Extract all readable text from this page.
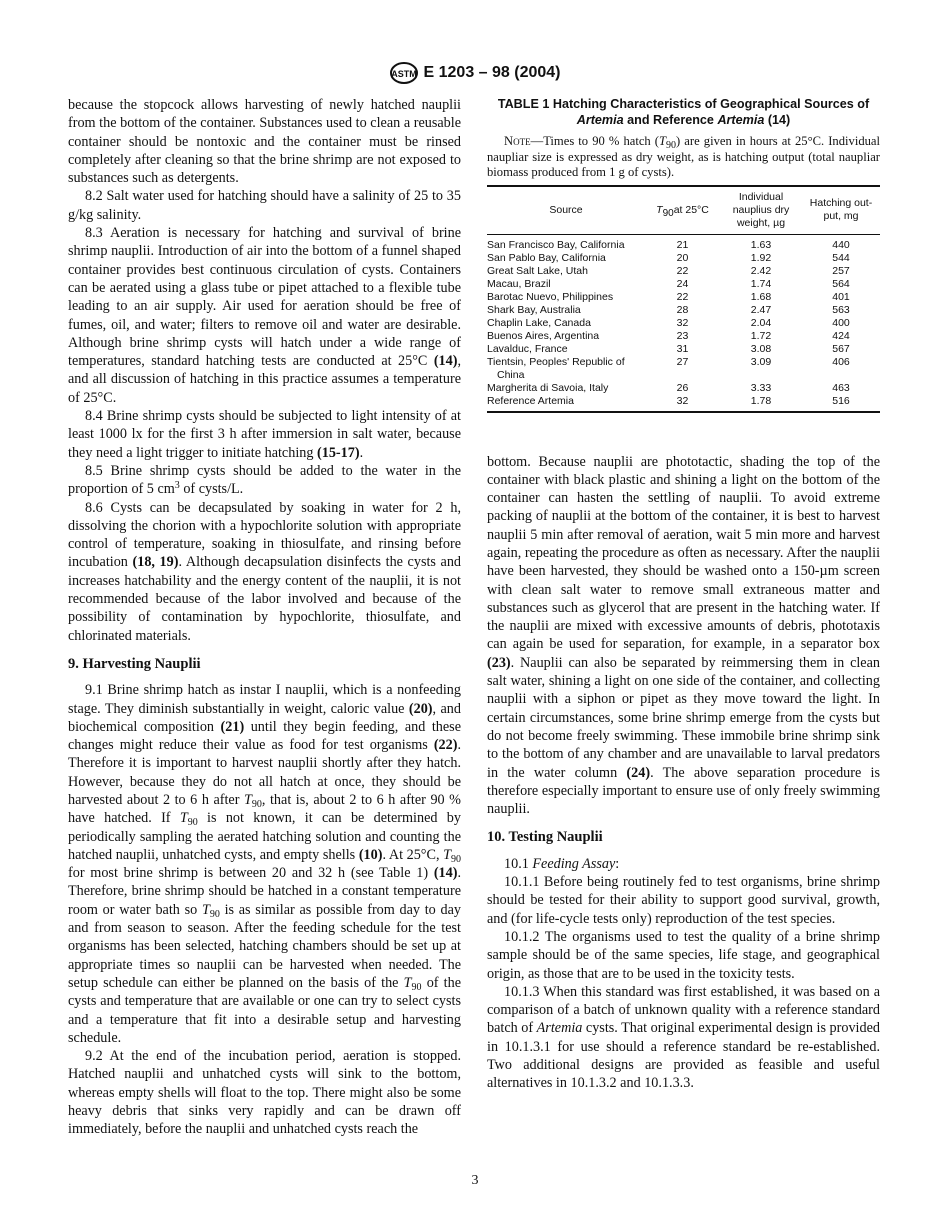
ASTM E 1203 – 98 (2004)

because the stopcock allows harvesting of newly hatched nauplii from the bottom of the container. Substances used to clean a reusable container should be nontoxic and the container must be rinsed completely after cleaning so that the brine shrimp are not exposed to substances such as detergents.

8.2 Salt water used for hatching should have a salinity of 25 to 35 g/kg salinity.

8.3 Aeration is necessary for hatching and survival of brine shrimp nauplii. Introduction of air into the bottom of a funnel shaped container provides best continuous circulation of cysts. Containers can be aerated using a glass tube or pipet attached to a flexible tube leading to an air supply. Air used for aeration should be free of fumes, oil, and water; filters to remove oil and water are desirable. Although brine shrimp cysts will hatch under a wide range of temperatures, standard hatching tests are conducted at 25°C (14), and all discussion of hatching in this practice assumes a temperature of 25°C.

8.4 Brine shrimp cysts should be subjected to light intensity of at least 1000 lx for the first 3 h after immersion in salt water, because they need a light trigger to initiate hatching (15-17).

8.5 Brine shrimp cysts should be added to the water in the proportion of 5 $cm^3$ of cysts/L.

8.6 Cysts can be decapsulated by soaking in water for 2 h, dissolving the chorion with a hypochlorite solution with appropriate control of temperature, soaking in thiosulfate, and rinsing before incubation (18, 19). Although decapsulation disinfects the cysts and increases hatchability and the energy content of the nauplii, it is not recommended because of the labor involved and because of the possibility of contamination by hypochlorite, thiosulfate, and chlorinated materials.

9. Harvesting Nauplii

9.1 Brine shrimp hatch as instar I nauplii, which is a nonfeeding stage. They diminish substantially in weight, caloric value (20), and biochemical composition (21) until they begin feeding, and these changes might reduce their value as food for test organisms (22). Therefore it is important to harvest nauplii shortly after they hatch. However, because they do not all hatch at once, they should be harvested about 2 to 6 h after $T_{90}$, that is, about 2 to 6 h after 90 % have hatched. If $T_{90}$ is not known, it can be determined by periodically sampling the aerated hatching solution and counting the hatched nauplii, unhatched cysts, and empty shells (10). At 25°C, $T_{90}$ for most brine shrimp is between 20 and 32 h (see Table 1) (14). Therefore, brine shrimp should be hatched in a constant temperature room or water bath so $T_{90}$ is as similar as possible from day to day and from season to season. After the feeding schedule for the test organisms has been selected, hatching chambers should be set up at appropriate times so nauplii can be harvested when needed. The setup schedule can either be planned on the basis of the $T_{90}$ of the cysts and temperature that are available or one can try to select cysts and a temperature that fit into a desirable setup and harvesting schedule.

9.2 At the end of the incubation period, aeration is stopped. Hatched nauplii and unhatched cysts will sink to the bottom, whereas empty shells will float to the top. There might also be some heavy debris that sinks very rapidly and can be drawn off immediately, before the nauplii and unhatched cysts reach the

TABLE 1 Hatching Characteristics of Geographical Sources of Artemia and Reference Artemia (14)

Note—Times to 90 % hatch $(T_{90})$ are given in hours at 25°C. Individual naupliar size is expressed as dry weight, as is hatching output (total naupliar biomass produced from 1 g of cysts).

Source	T90at 25°C	Individual nauplius dry weight, µg	Hatching out-put, mg

San Francisco Bay, California	21	1.63	440

San Pablo Bay, California	20	1.92	544

Great Salt Lake, Utah	22	2.42	257

Macau, Brazil	24	1.74	564

Barotac Nuevo, Philippines	22	1.68	401

Shark Bay, Australia	28	2.47	563

Chaplin Lake, Canada	32	2.04	400

Buenos Aires, Argentina	23	1.72	424

Lavalduc, France	31	3.08	567

Tientsin, Peoples' Republic of China	27	3.09	406

Margherita di Savoia, Italy	26	3.33	463

Reference Artemia	32	1.78	516

bottom. Because nauplii are phototactic, shading the top of the container with black plastic and shining a light on the bottom of the container can hasten the settling of nauplii. To avoid extreme packing of nauplii at the bottom of the container, it is best to harvest nauplii 5 min after removal of aeration, wait 5 min more and harvest again, repeating the procedure as often as necessary. After the nauplii have been harvested, they should be washed onto a 150-µm screen with clean salt water to remove small extraneous matter and substances such as glycerol that are present in the hatching water. If the nauplii are mixed with excessive amounts of debris, phototaxis can again be used for separation, for example, in a separator box (23). Nauplii can also be separated by reimmersing them in clean salt water, shining a light on one side of the container, and collecting nauplii with a siphon or pipet as they move toward the light. In certain circumstances, some brine shrimp emerge from the cysts but do not become freely swimming. These immobile brine shrimp sink to the bottom of any chamber and are unavailable to larval predators in the water column (24). The above separation procedure is therefore especially important to ensure use of only freely swimming nauplii.

10. Testing Nauplii

10.1 Feeding Assay:

10.1.1 Before being routinely fed to test organisms, brine shrimp should be tested for their ability to support good survival, growth, and (for life-cycle tests only) reproduction of the test species.

10.1.2 The organisms used to test the quality of a brine shrimp sample should be of the same species, life stage, and geographical origin, as those that are to be used in the toxicity tests.

10.1.3 When this standard was first established, it was based on a comparison of a batch of unknown quality with a reference standard batch of Artemia cysts. That original experimental design is provided in 10.1.3.1 for use should a reference standard be re-established. Two additional designs are provided as feasible and useful alternatives in 10.1.3.2 and 10.1.3.3.

3
